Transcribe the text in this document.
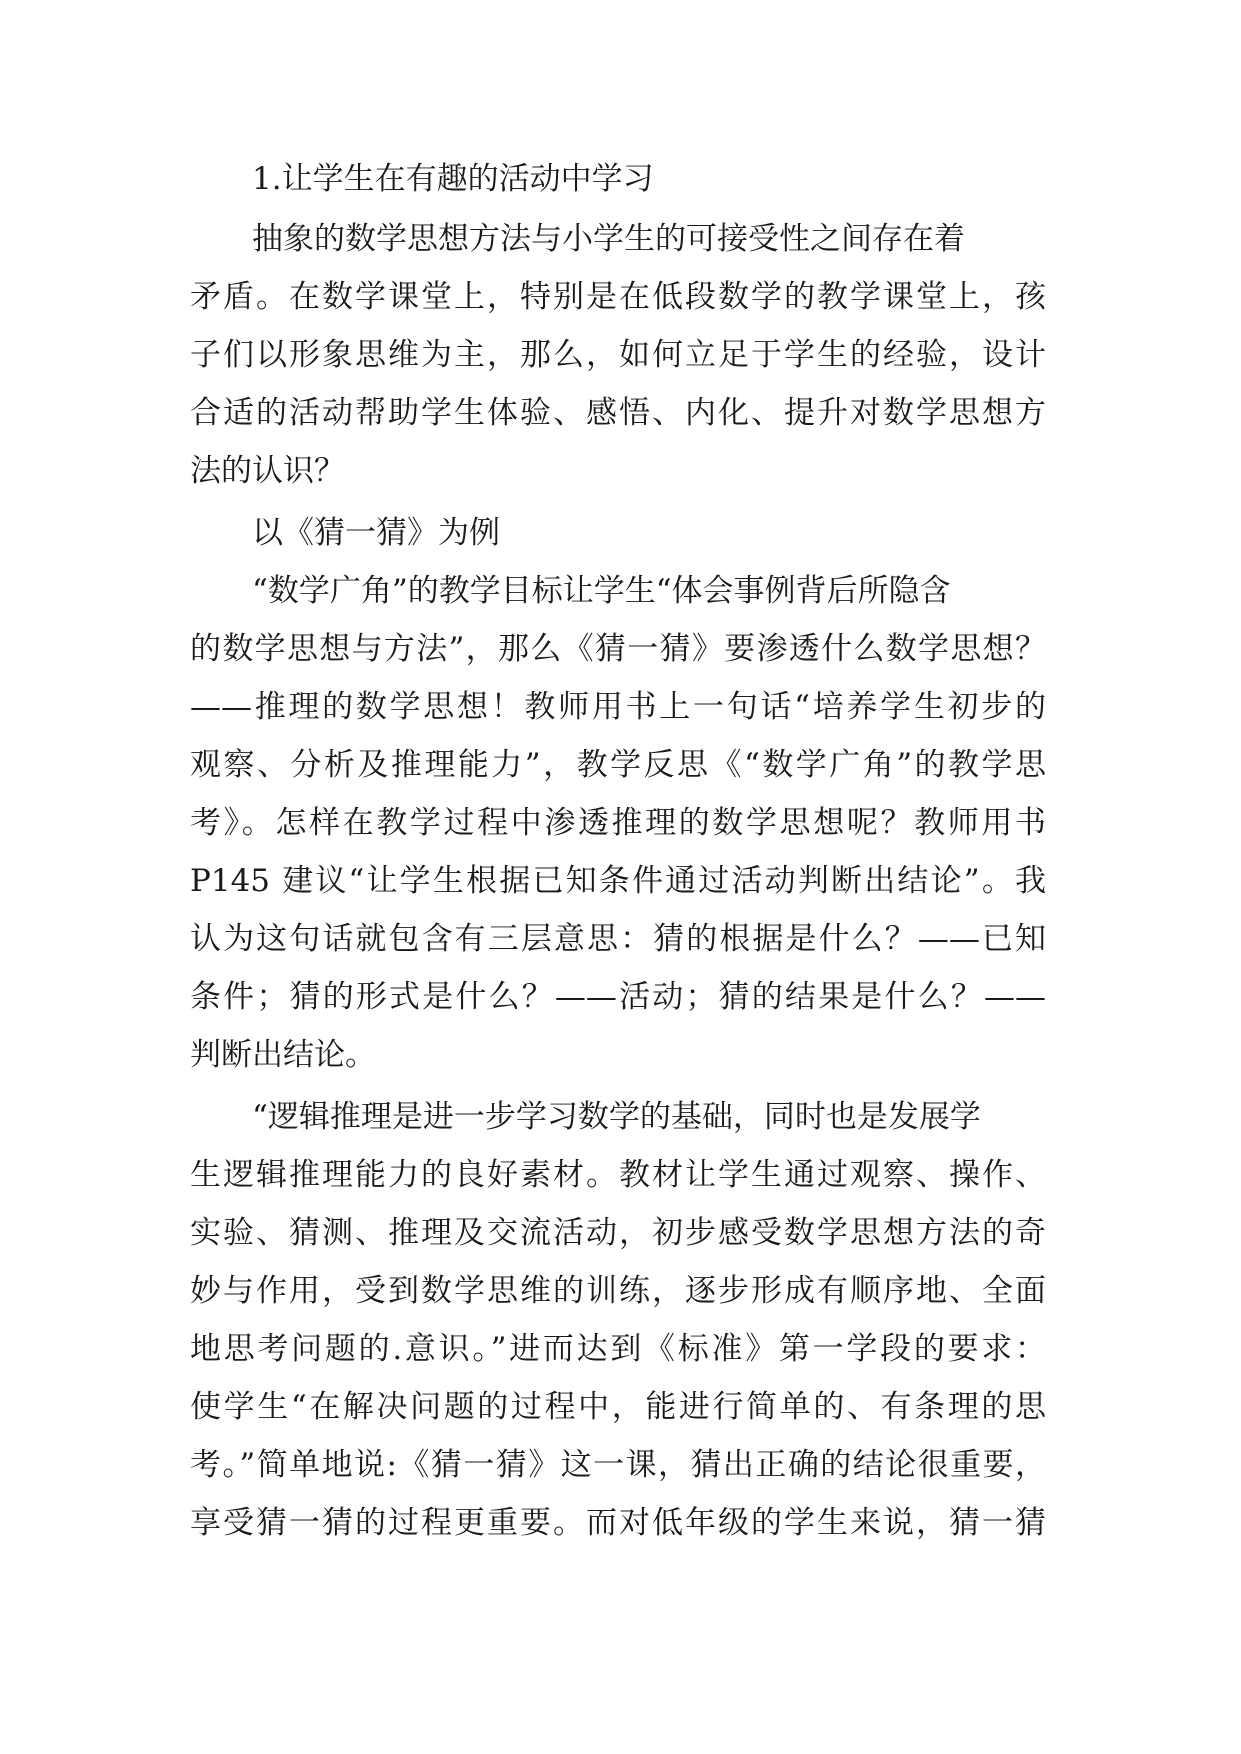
1.让学生在有趣的活动中学习
抽象的数学思想方法与小学生的可接受性之间存在着
矛盾。在数学课堂上，特别是在低段数学的教学课堂上，孩
子们以形象思维为主，那么，如何立足于学生的经验，设计
合适的活动帮助学生体验、感悟、内化、提升对数学思想方
法的认识？
以《猜一猜》为例
“数学广角”的教学目标让学生“体会事例背后所隐含
的数学思想与方法”，那么《猜一猜》要渗透什么数学思想？
——推理的数学思想！教师用书上一句话“培养学生初步的
观察、分析及推理能力”，教学反思《“数学广角”的教学思
考》。怎样在教学过程中渗透推理的数学思想呢？教师用书
P145 建议“让学生根据已知条件通过活动判断出结论”。我
认为这句话就包含有三层意思：猜的根据是什么？——已知
条件；猜的形式是什么？——活动；猜的结果是什么？——
判断出结论。
“逻辑推理是进一步学习数学的基础，同时也是发展学
生逻辑推理能力的良好素材。教材让学生通过观察、操作、
实验、猜测、推理及交流活动，初步感受数学思想方法的奇
妙与作用，受到数学思维的训练，逐步形成有顺序地、全面
地思考问题的.意识。”进而达到《标准》第一学段的要求：
使学生“在解决问题的过程中，能进行简单的、有条理的思
考。”简单地说:《猜一猜》这一课，猜出正确的结论很重要，
享受猜一猜的过程更重要。而对低年级的学生来说，猜一猜
